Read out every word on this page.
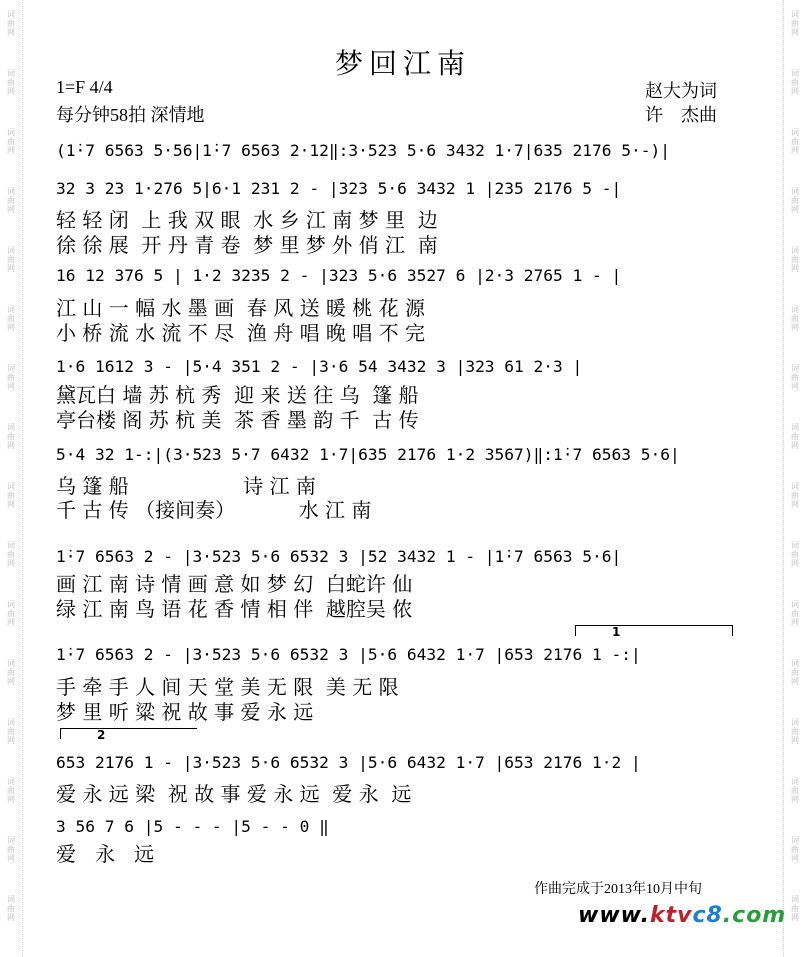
词
曲
网
词
曲
网
词
曲
网
词
曲
网
词
曲
网
词
曲
网
词
曲
网
词
曲
网
词
曲
网
词
曲
网
词
曲
网
词
曲
网
词
曲
网
词
曲
网
词
曲
网
词
曲
网
词
曲
网
词
曲
网
词
曲
网
词
曲
网
词
曲
网
词
曲
网
词
曲
网
词
曲
网
词
曲
网
词
曲
网
词
曲
网
词
曲
网
词
曲
网
词
曲
网
词
曲
网
词
曲
网
梦回江南
1=F 4/4
每分钟58拍 深情地
赵大为词
许　杰曲
(1̇·7 6563 5·56|1̇·7 6563 2·12‖:3·523 5·6 3432 1·7|635 2176 5·-)|
32 3 23 1·276 5|6·1 231 2 - |323 5·6 3432 1 |235 2176 5 -|
轻 轻 闭  上 我 双 眼  水 乡 江 南 梦 里  边
徐 徐 展  开 丹 青 卷  梦 里 梦 外 俏 江  南
16 12 376 5 | 1·2 3235 2 - |323 5·6 3527 6 |2·3 2765 1 - |
江 山 一 幅 水 墨 画  春 风 送 暖 桃 花 源
小 桥 流 水 流 不 尽  渔 舟 唱 晚 唱 不 完
1·6 1612 3 - |5·4 351 2 - |3·6 54 3432 3 |323 61 2·3 |
黛瓦白 墙 苏 杭 秀  迎 来 送 往 乌  篷 船
亭台楼 阁 苏 杭 美  茶 香 墨 韵 千  古 传
5·4 32 1-:|(3·523 5·7 6432 1·7|635 2176 1·2 3567)‖:1̇·7 6563 5·6|
乌 篷 船                  诗 江 南
千 古 传 （接间奏）          水 江 南
1̇·7 6563 2 - |3·523 5·6 6532 3 |52 3432 1 - |1̇·7 6563 5·6|
画 江 南 诗 情 画 意 如 梦 幻  白蛇许 仙
绿 江 南 鸟 语 花 香 情 相 伴  越腔吴 侬
1
1̇·7 6563 2 - |3·523 5·6 6532 3 |5·6 6432 1·7 |653 2176 1 -:|
手 牵 手 人 间 天 堂 美 无 限  美 无 限
梦 里 听 粱 祝 故 事 爱 永 远
2
653 2176 1 - |3·523 5·6 6532 3 |5·6 6432 1·7 |653 2176 1·2 |
爱 永 远 梁  祝 故 事 爱 永 远  爱 永  远
3 56 7 6 |5 - - - |5 - - 0 ‖
爱   永   远
作曲完成于2013年10月中旬
www.ktvc8.com
